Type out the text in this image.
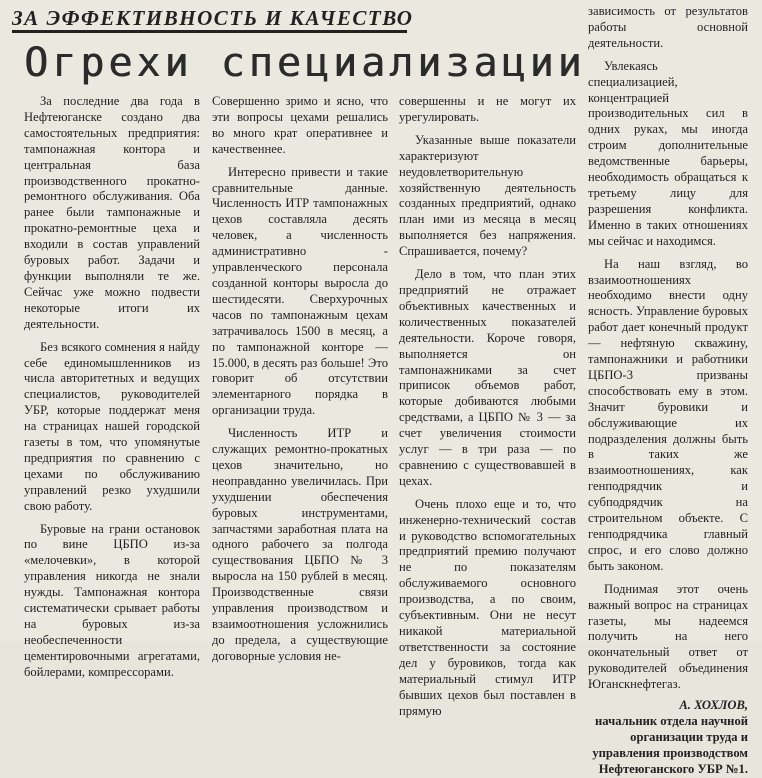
ЗА ЭФФЕКТИВНОСТЬ И КАЧЕСТВО
Огрехи специализации

За последние два года в Нефтеюганске создано два самостоятельных предприятия: тампонажная контора и центральная база производственного прокатно-ремонтного обслуживания. Оба ранее были тампонажные и прокатно-ремонтные цеха и входили в состав управлений буровых работ. Задачи и функции выполняли те же. Сейчас уже можно подвести некоторые итоги их деятельности.

Без всякого сомнения я найду себе единомышленников из числа авторитетных и ведущих специалистов, руководителей УБР, которые поддержат меня на страницах нашей городской газеты в том, что упомянутые предприятия по сравнению с цехами по обслуживанию управлений резко ухудшили свою работу.

Буровые на грани остановок по вине ЦБПО из-за «мелочевки», в которой управления никогда не знали нужды. Тампонажная контора систематически срывает работы на буровых из-за необеспеченности цементировочными агрегатами, бойлерами, компрессорами.

Совершенно зримо и ясно, что эти вопросы цехами решались во много крат оперативнее и качественнее.

Интересно привести и такие сравнительные данные. Численность ИТР тампонажных цехов составляла десять человек, а численность административно - управленческого персонала созданной конторы выросла до шестидесяти. Сверхурочных часов по тампонажным цехам затрачивалось 1500 в месяц, а по тампонажной конторе — 15.000, в десять раз больше! Это говорит об отсутствии элементарного порядка в организации труда.

Численность ИТР и служащих ремонтно-прокатных цехов значительно, но неоправданно увеличилась. При ухудшении обеспечения буровых инструментами, запчастями заработная плата на одного рабочего за полгода существования ЦБПО № 3 выросла на 150 рублей в месяц. Производственные связи управления производством и взаимоотношения усложнились до предела, а существующие договорные условия не-

совершенны и не могут их урегулировать.

Указанные выше показатели характеризуют неудовлетворительную хозяйственную деятельность созданных предприятий, однако план ими из месяца в месяц выполняется без напряжения. Спрашивается, почему?

Дело в том, что план этих предприятий не отражает объективных качественных и количественных показателей деятельности. Короче говоря, выполняется он тампонажниками за счет приписок объемов работ, которые добиваются любыми средствами, а ЦБПО № 3 — за счет увеличения стоимости услуг — в три раза — по сравнению с существовавшей в цехах.

Очень плохо еще и то, что инженерно-технический состав и руководство вспомогательных предприятий премию получают не по показателям обслуживаемого основного производства, а по своим, субъективным. Они не несут никакой материальной ответственности за состояние дел у буровиков, тогда как материальный стимул ИТР бывших цехов был поставлен в прямую

зависимость от результатов работы основной деятельности.

Увлекаясь специализацией, концентрацией производительных сил в одних руках, мы иногда строим дополнительные ведомственные барьеры, необходимость обращаться к третьему лицу для разрешения конфликта. Именно в таких отношениях мы сейчас и находимся.

На наш взгляд, во взаимоотношениях необходимо внести одну ясность. Управление буровых работ дает конечный продукт — нефтяную скважину, тампонажники и работники ЦБПО-3 призваны способствовать ему в этом. Значит буровики и обслуживающие их подразделения должны быть в таких же взаимоотношениях, как генподрядчик и субподрядчик на строительном объекте. С генподрядчика главный спрос, и его слово должно быть законом.

Поднимая этот очень важный вопрос на страницах газеты, мы надеемся получить на него окончательный ответ от руководителей объединения Юганскнефтегаз.

А. ХОХЛОВ,
начальник отдела научной организации труда и управления производством Нефтеюганского УБР №1.
